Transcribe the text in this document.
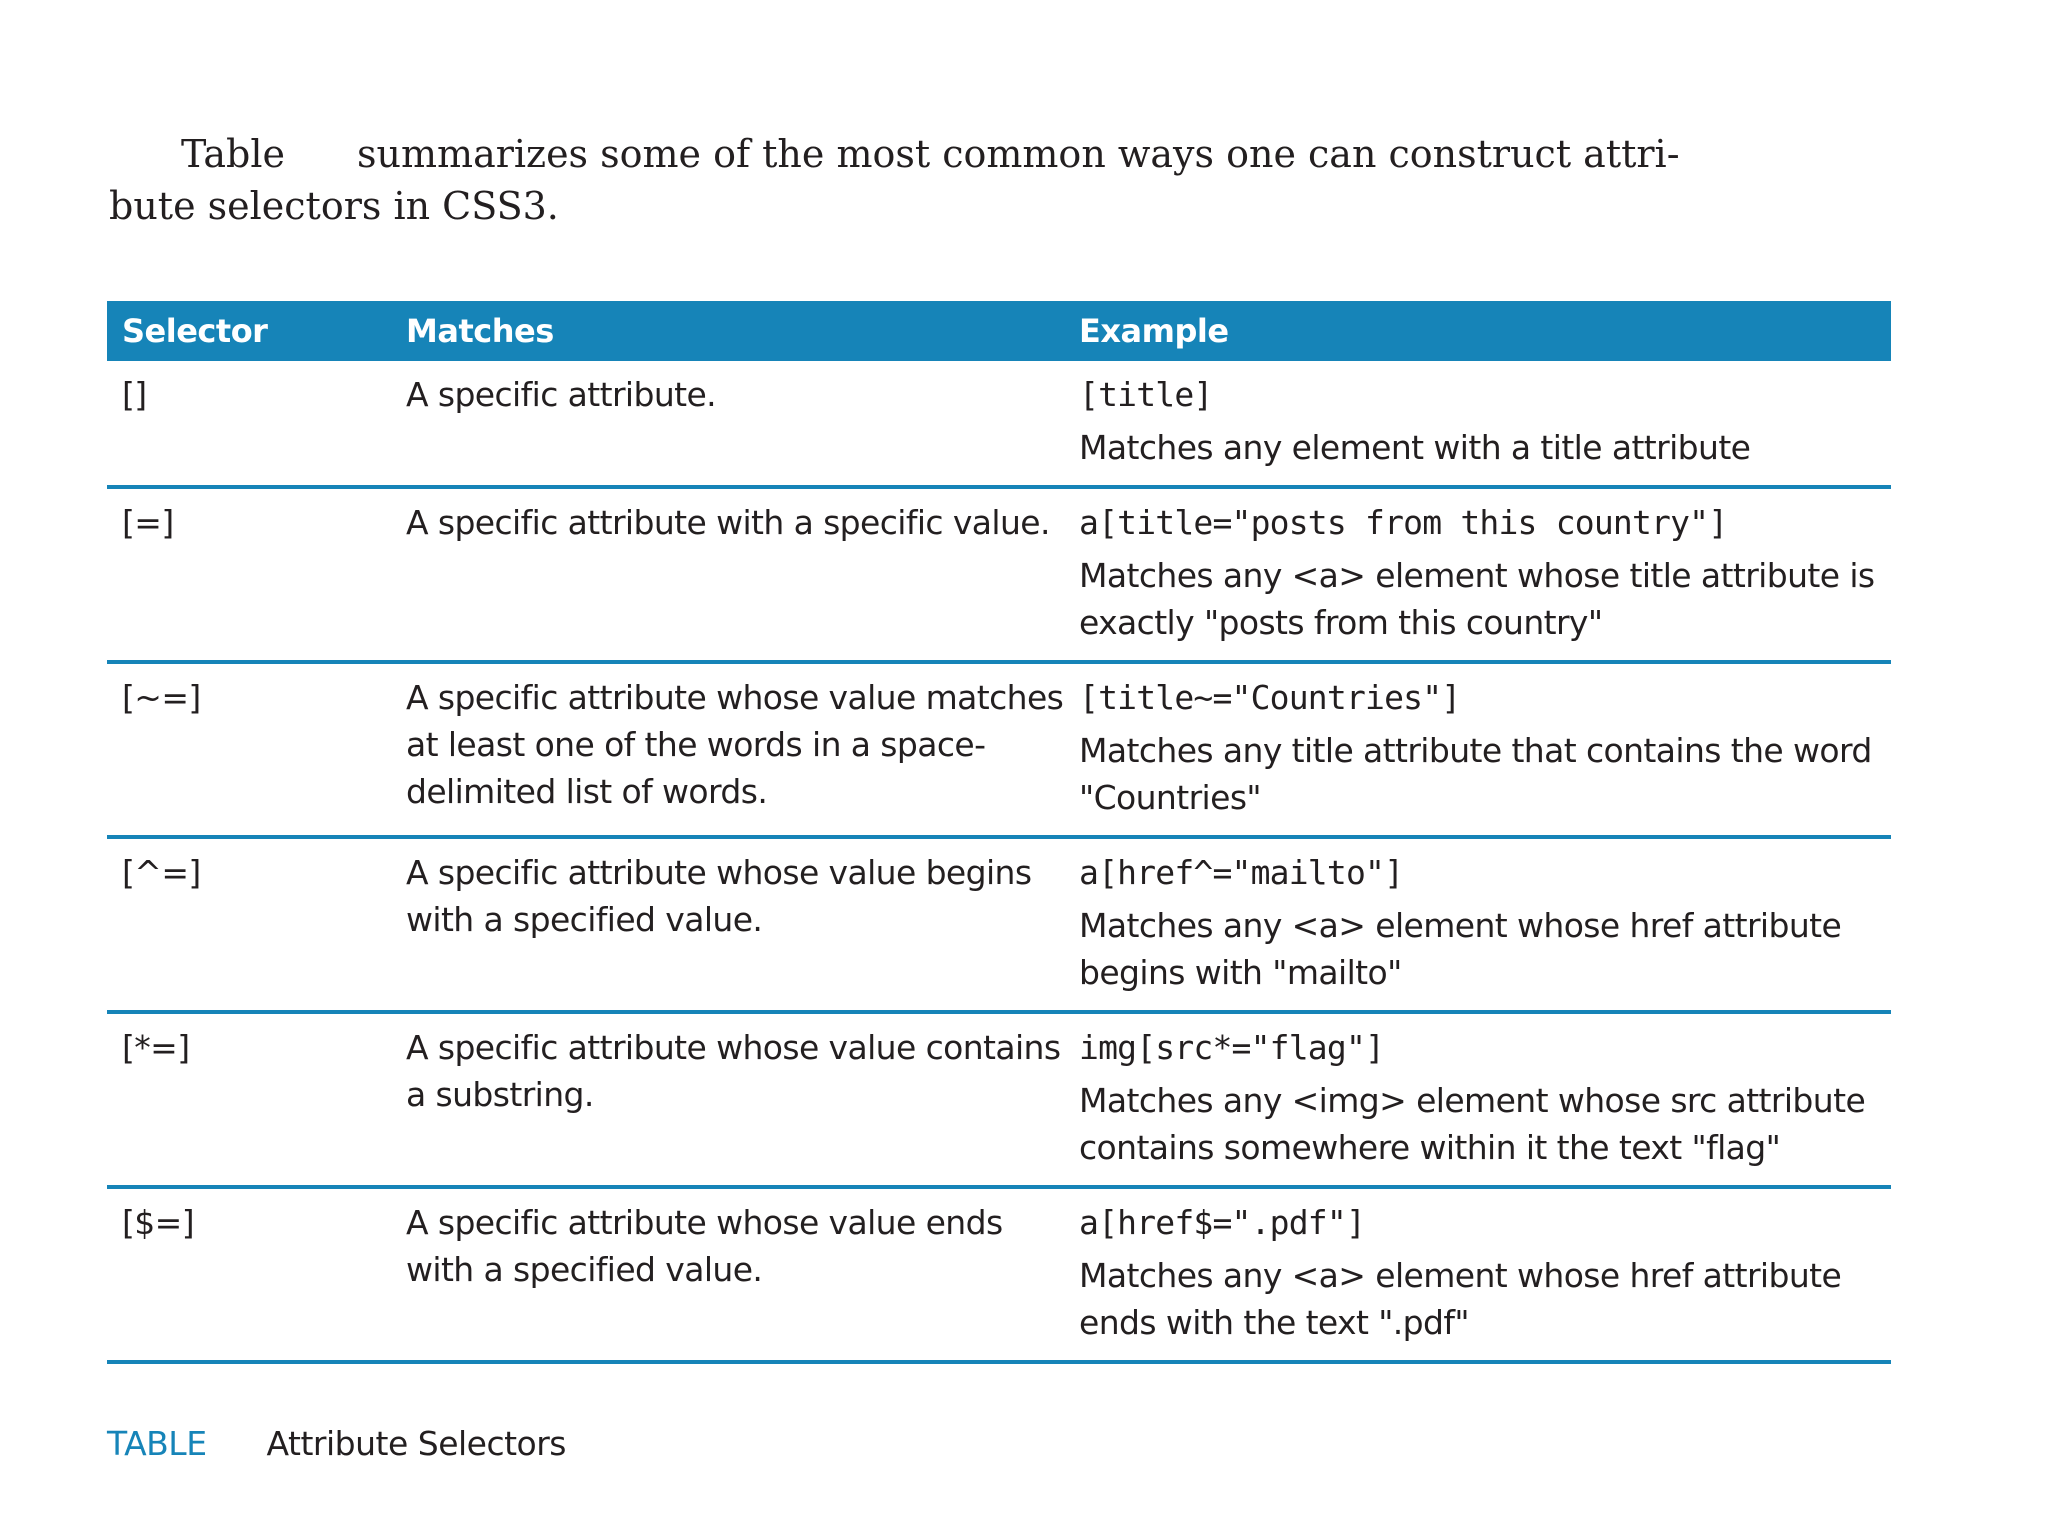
Table summarizes some of the most common ways one can construct attri-
bute selectors in CSS3.
Selector	Matches	Example
[]	A specific attribute.	[title]
Matches any element with a title attribute

[=]	A specific attribute with a specific value.	a[title="posts from this country"]
Matches any <a> element whose title attribute is exactly "posts from this country"

[~=]	A specific attribute whose value matches at least one of the words in a space-delimited list of words.	[title~="Countries"]
Matches any title attribute that contains the word "Countries"

[^=]	A specific attribute whose value begins with a specified value.	a[href^="mailto"]
Matches any <a> element whose href attribute begins with "mailto"

[*=]	A specific attribute whose value contains a substring.	img[src*="flag"]
Matches any <img> element whose src attribute contains somewhere within it the text "flag"

[$=]	A specific attribute whose value ends with a specified value.	a[href$=".pdf"]
Matches any <a> element whose href attribute ends with the text ".pdf"
TABLE Attribute Selectors
